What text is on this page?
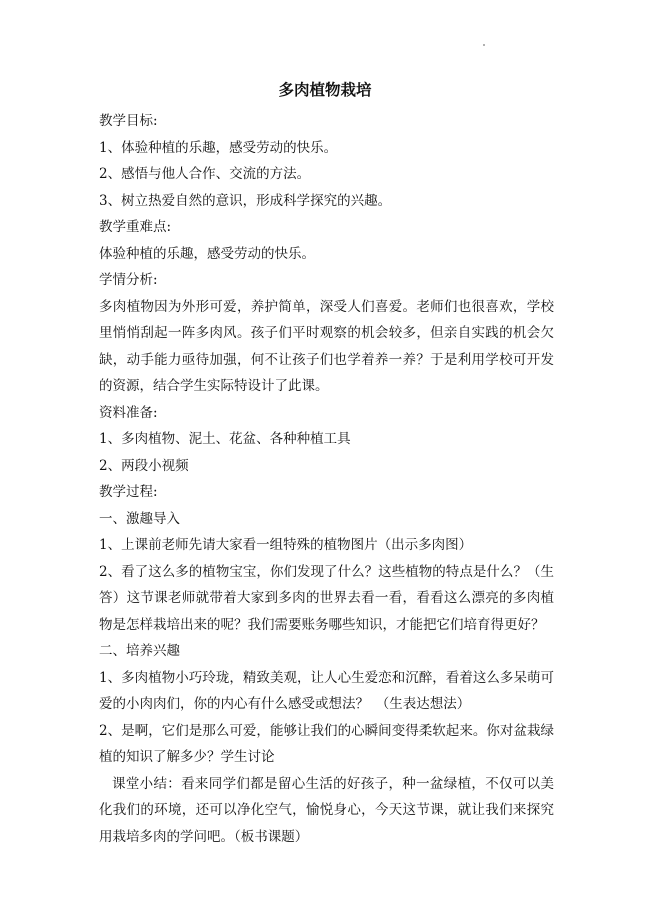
多肉植物栽培

教学目标:

1、体验种植的乐趣，感受劳动的快乐。

2、感悟与他人合作、交流的方法。

3、树立热爱自然的意识，形成科学探究的兴趣。

教学重难点:

体验种植的乐趣，感受劳动的快乐。

学情分析:

多肉植物因为外形可爱，养护简单，深受人们喜爱。老师们也很喜欢，学校里悄悄刮起一阵多肉风。孩子们平时观察的机会较多，但亲自实践的机会欠缺，动手能力亟待加强，何不让孩子们也学着养一养？于是利用学校可开发的资源，结合学生实际特设计了此课。

资料准备:

1、多肉植物、泥土、花盆、各种种植工具

2、两段小视频

教学过程:

一、激趣导入

1、上课前老师先请大家看一组特殊的植物图片（出示多肉图）

2、看了这么多的植物宝宝，你们发现了什么？这些植物的特点是什么？（生答）这节课老师就带着大家到多肉的世界去看一看，看看这么漂亮的多肉植物是怎样栽培出来的呢？我们需要账务哪些知识，才能把它们培育得更好？

二、培养兴趣

1、多肉植物小巧玲珑，精致美观，让人心生爱恋和沉醉，看着这么多呆萌可爱的小肉肉们，你的内心有什么感受或想法？　（生表达想法）

2、是啊，它们是那么可爱，能够让我们的心瞬间变得柔软起来。你对盆栽绿植的知识了解多少？学生讨论

课堂小结：看来同学们都是留心生活的好孩子，种一盆绿植，不仅可以美化我们的环境，还可以净化空气，愉悦身心，今天这节课，就让我们来探究用栽培多肉的学问吧。（板书课题）
